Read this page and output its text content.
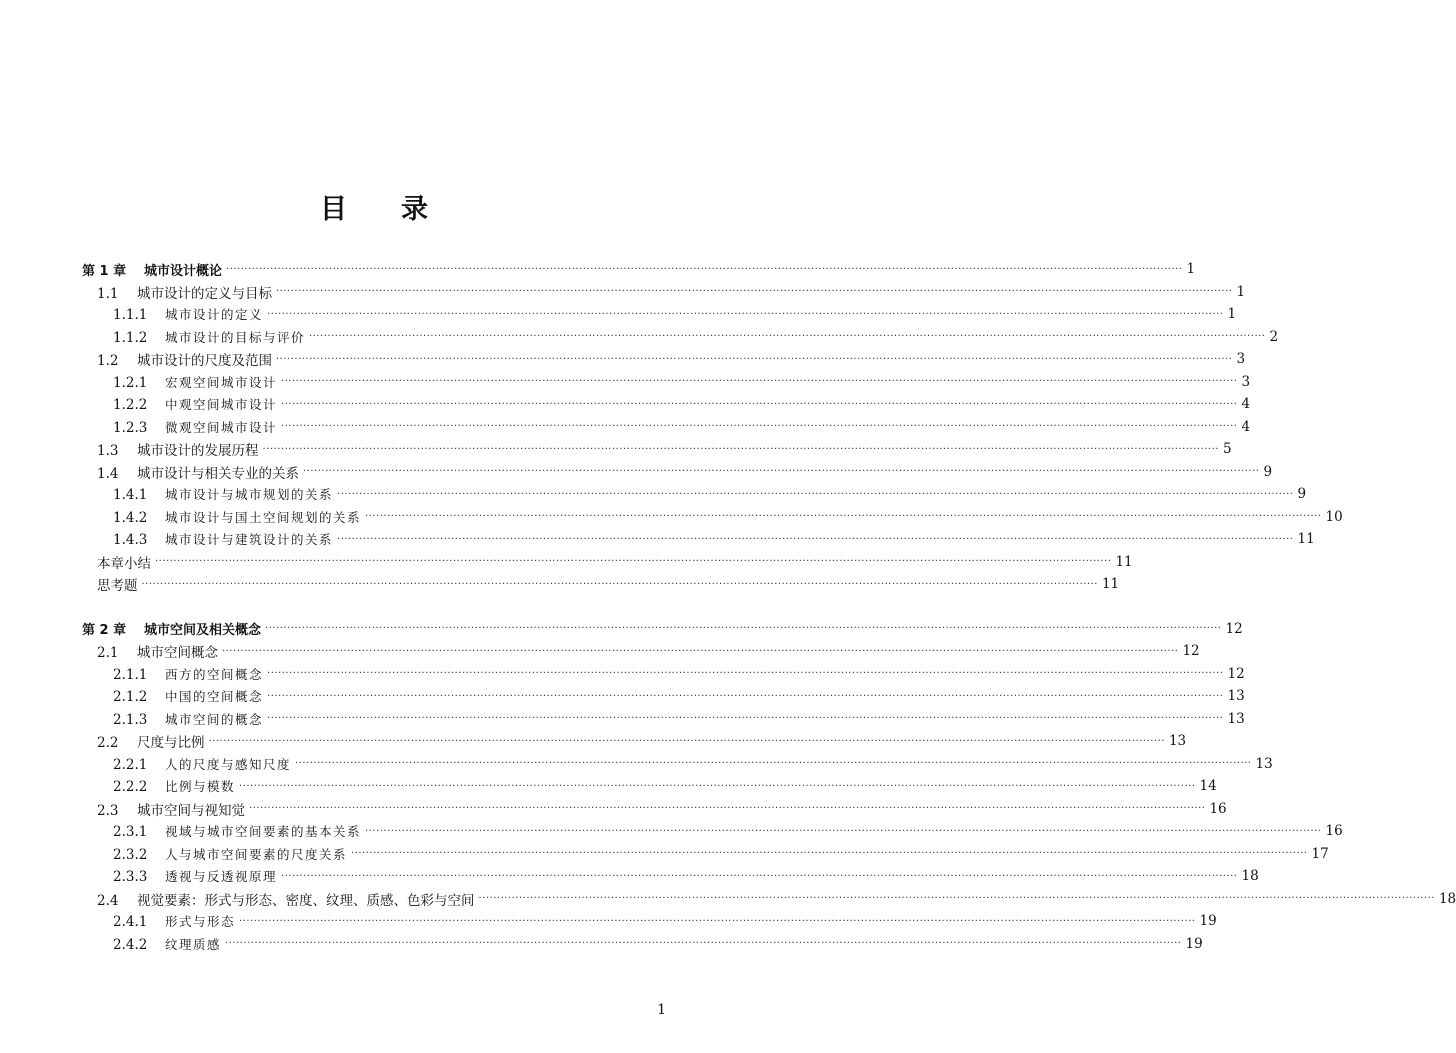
目 录
第 1 章 城市设计概论 ···································································································································································································································································· 1
1.1 城市设计的定义与目标 ···································································································································································································································································· 1
1.1.1 城市设计的定义 ···································································································································································································································································· 1
1.1.2 城市设计的目标与评价 ···································································································································································································································································· 2
1.2 城市设计的尺度及范围 ···································································································································································································································································· 3
1.2.1 宏观空间城市设计 ···································································································································································································································································· 3
1.2.2 中观空间城市设计 ···································································································································································································································································· 4
1.2.3 微观空间城市设计 ···································································································································································································································································· 4
1.3 城市设计的发展历程 ···································································································································································································································································· 5
1.4 城市设计与相关专业的关系 ···································································································································································································································································· 9
1.4.1 城市设计与城市规划的关系 ···································································································································································································································································· 9
1.4.2 城市设计与国土空间规划的关系 ···································································································································································································································································· 10
1.4.3 城市设计与建筑设计的关系 ···································································································································································································································································· 11
本章小结 ···································································································································································································································································· 11
思考题 ···································································································································································································································································· 11
第 2 章 城市空间及相关概念 ···································································································································································································································································· 12
2.1 城市空间概念 ···································································································································································································································································· 12
2.1.1 西方的空间概念 ···································································································································································································································································· 12
2.1.2 中国的空间概念 ···································································································································································································································································· 13
2.1.3 城市空间的概念 ···································································································································································································································································· 13
2.2 尺度与比例 ···································································································································································································································································· 13
2.2.1 人的尺度与感知尺度 ···································································································································································································································································· 13
2.2.2 比例与模数 ···································································································································································································································································· 14
2.3 城市空间与视知觉 ···································································································································································································································································· 16
2.3.1 视域与城市空间要素的基本关系 ···································································································································································································································································· 16
2.3.2 人与城市空间要素的尺度关系 ···································································································································································································································································· 17
2.3.3 透视与反透视原理 ···································································································································································································································································· 18
2.4 视觉要素：形式与形态、密度、纹理、质感、色彩与空间 ···································································································································································································································································· 18
2.4.1 形式与形态 ···································································································································································································································································· 19
2.4.2 纹理质感 ···································································································································································································································································· 19
1
